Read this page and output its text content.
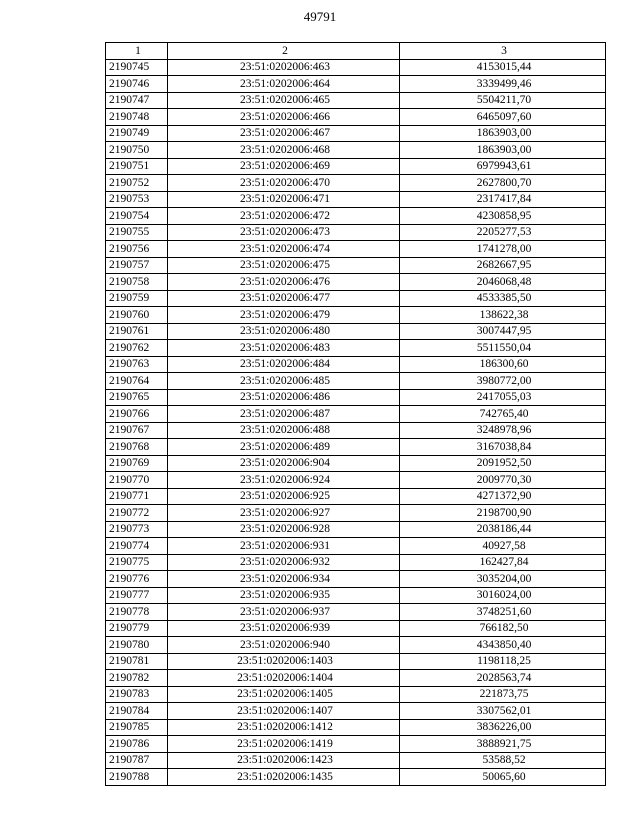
49791
1	2	3
2190745	23:51:0202006:463	4153015,44
2190746	23:51:0202006:464	3339499,46
2190747	23:51:0202006:465	5504211,70
2190748	23:51:0202006:466	6465097,60
2190749	23:51:0202006:467	1863903,00
2190750	23:51:0202006:468	1863903,00
2190751	23:51:0202006:469	6979943,61
2190752	23:51:0202006:470	2627800,70
2190753	23:51:0202006:471	2317417,84
2190754	23:51:0202006:472	4230858,95
2190755	23:51:0202006:473	2205277,53
2190756	23:51:0202006:474	1741278,00
2190757	23:51:0202006:475	2682667,95
2190758	23:51:0202006:476	2046068,48
2190759	23:51:0202006:477	4533385,50
2190760	23:51:0202006:479	138622,38
2190761	23:51:0202006:480	3007447,95
2190762	23:51:0202006:483	5511550,04
2190763	23:51:0202006:484	186300,60
2190764	23:51:0202006:485	3980772,00
2190765	23:51:0202006:486	2417055,03
2190766	23:51:0202006:487	742765,40
2190767	23:51:0202006:488	3248978,96
2190768	23:51:0202006:489	3167038,84
2190769	23:51:0202006:904	2091952,50
2190770	23:51:0202006:924	2009770,30
2190771	23:51:0202006:925	4271372,90
2190772	23:51:0202006:927	2198700,90
2190773	23:51:0202006:928	2038186,44
2190774	23:51:0202006:931	40927,58
2190775	23:51:0202006:932	162427,84
2190776	23:51:0202006:934	3035204,00
2190777	23:51:0202006:935	3016024,00
2190778	23:51:0202006:937	3748251,60
2190779	23:51:0202006:939	766182,50
2190780	23:51:0202006:940	4343850,40
2190781	23:51:0202006:1403	1198118,25
2190782	23:51:0202006:1404	2028563,74
2190783	23:51:0202006:1405	221873,75
2190784	23:51:0202006:1407	3307562,01
2190785	23:51:0202006:1412	3836226,00
2190786	23:51:0202006:1419	3888921,75
2190787	23:51:0202006:1423	53588,52
2190788	23:51:0202006:1435	50065,60
